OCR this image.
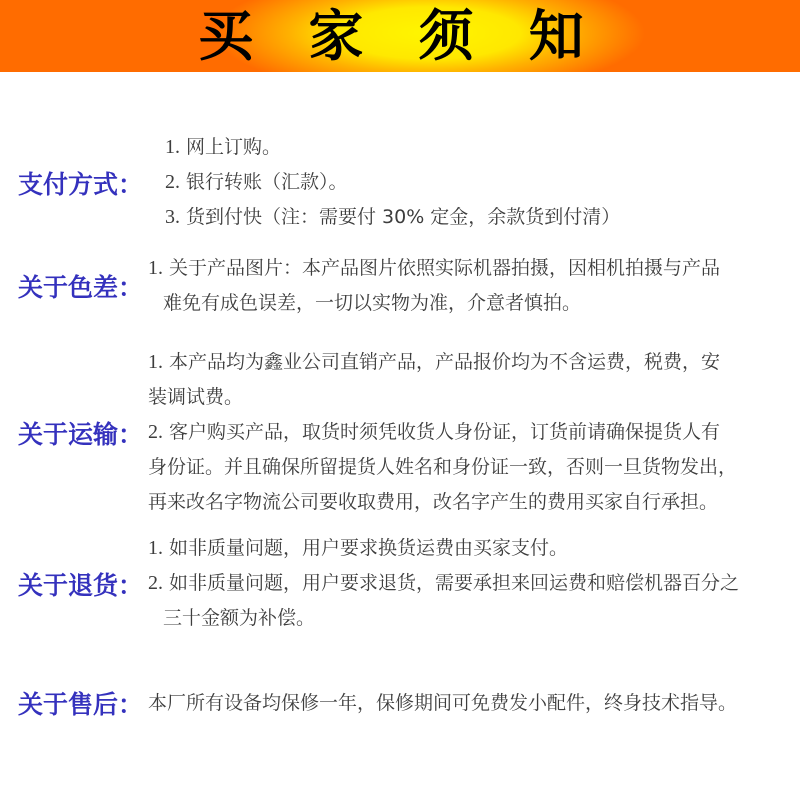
买 家 须 知
支付方式：
1. 网上订购。
2. 银行转账（汇款）。
3. 货到付快（注：需要付 30% 定金，余款货到付清）
关于色差：
1. 关于产品图片：本产品图片依照实际机器拍摄，因相机拍摄与产品
难免有成色误差，一切以实物为准，介意者慎拍。
关于运输：
1. 本产品均为鑫业公司直销产品，产品报价均为不含运费，税费，安
装调试费。
2. 客户购买产品，取货时须凭收货人身份证，订货前请确保提货人有
身份证。并且确保所留提货人姓名和身份证一致，否则一旦货物发出，
再来改名字物流公司要收取费用，改名字产生的费用买家自行承担。
关于退货：
1. 如非质量问题，用户要求换货运费由买家支付。
2. 如非质量问题，用户要求退货，需要承担来回运费和赔偿机器百分之
三十金额为补偿。
关于售后： 本厂所有设备均保修一年，保修期间可免费发小配件，终身技术指导。
